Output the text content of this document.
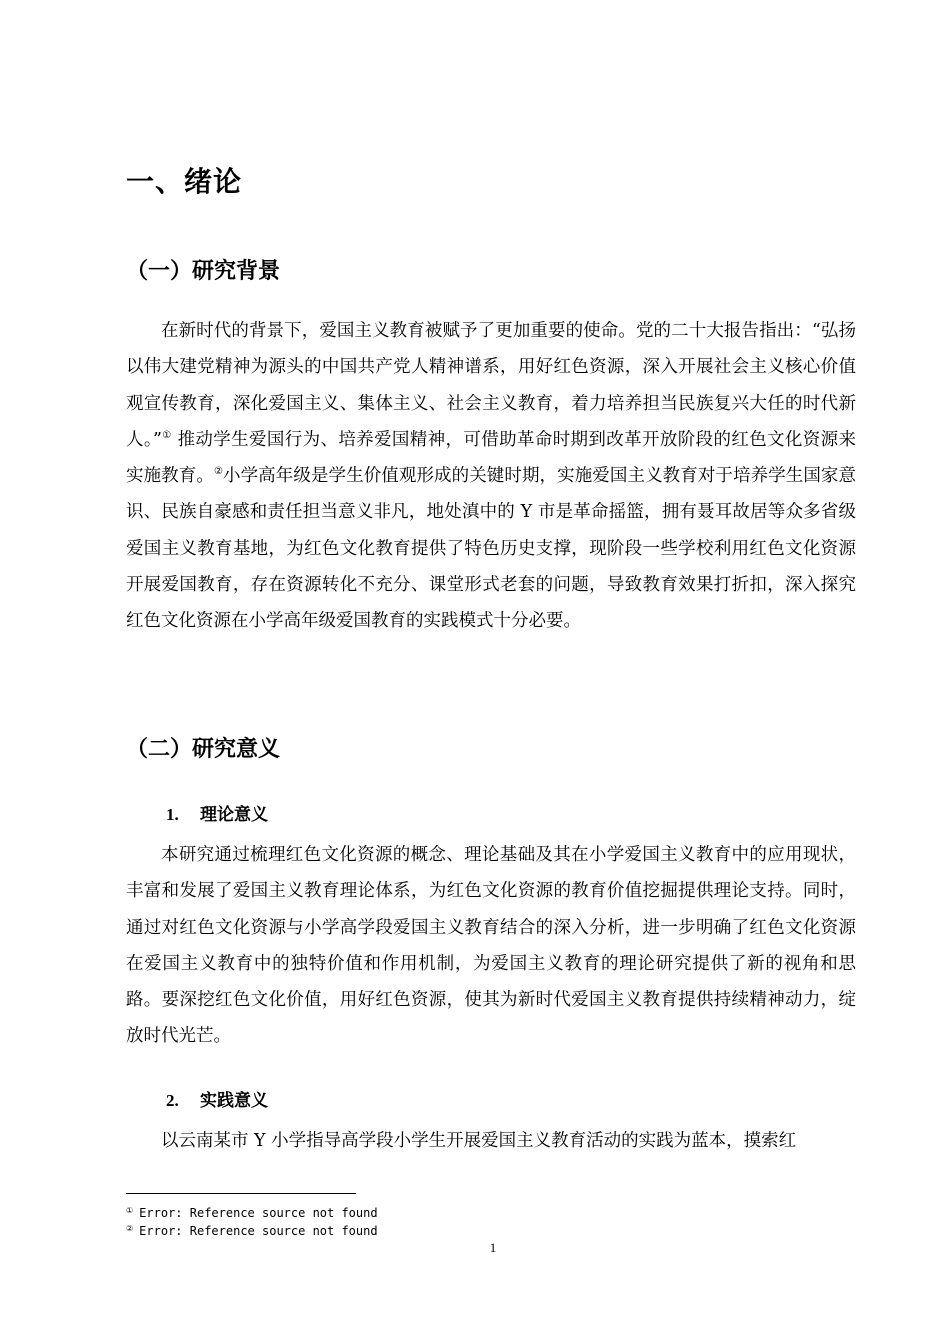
一、绪论
（一）研究背景

在新时代的背景下，爱国主义教育被赋予了更加重要的使命。党的二十大报告指出：“弘扬以伟大建党精神为源头的中国共产党人精神谱系，用好红色资源，深入开展社会主义核心价值观宣传教育，深化爱国主义、集体主义、社会主义教育，着力培养担当民族复兴大任的时代新人。”① 推动学生爱国行为、培养爱国精神，可借助革命时期到改革开放阶段的红色文化资源来实施教育。②小学高年级是学生价值观形成的关键时期，实施爱国主义教育对于培养学生国家意识、民族自豪感和责任担当意义非凡，地处滇中的 Y 市是革命摇篮，拥有聂耳故居等众多省级爱国主义教育基地，为红色文化教育提供了特色历史支撑，现阶段一些学校利用红色文化资源开展爱国教育，存在资源转化不充分、课堂形式老套的问题，导致教育效果打折扣，深入探究红色文化资源在小学高年级爱国教育的实践模式十分必要。

（二）研究意义
1. 理论意义

本研究通过梳理红色文化资源的概念、理论基础及其在小学爱国主义教育中的应用现状，丰富和发展了爱国主义教育理论体系，为红色文化资源的教育价值挖掘提供理论支持。同时，通过对红色文化资源与小学高学段爱国主义教育结合的深入分析，进一步明确了红色文化资源在爱国主义教育中的独特价值和作用机制，为爱国主义教育的理论研究提供了新的视角和思路。要深挖红色文化价值，用好红色资源，使其为新时代爱国主义教育提供持续精神动力，绽放时代光芒。

2. 实践意义

以云南某市 Y 小学指导高学段小学生开展爱国主义教育活动的实践为蓝本，摸索红

① Error: Reference source not found
② Error: Reference source not found
1
